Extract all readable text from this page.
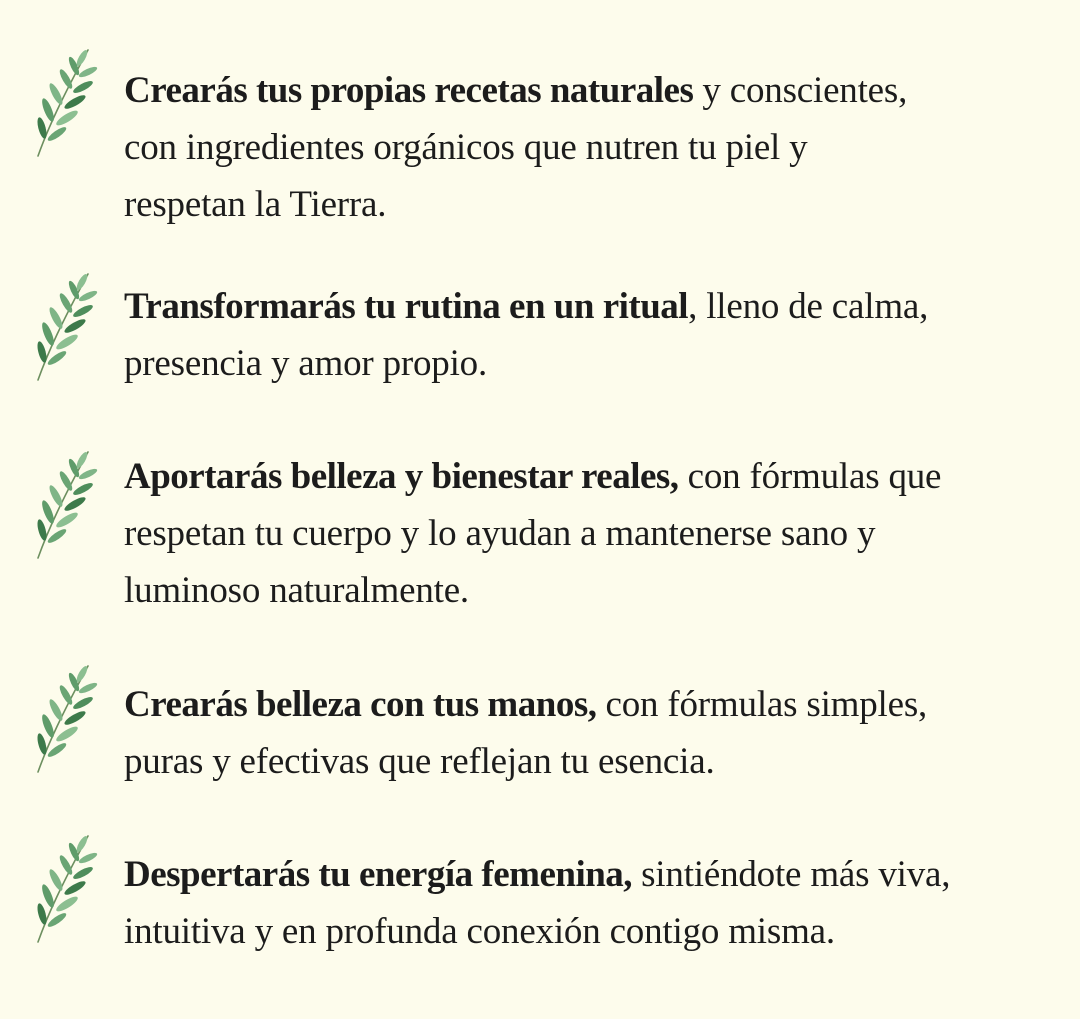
Crearás tus propias recetas naturales y conscientes,
con ingredientes orgánicos que nutren tu piel y
respetan la Tierra.

Transformarás tu rutina en un ritual, lleno de calma,
presencia y amor propio.

Aportarás belleza y bienestar reales, con fórmulas que
respetan tu cuerpo y lo ayudan a mantenerse sano y
luminoso naturalmente.

Crearás belleza con tus manos, con fórmulas simples,
puras y efectivas que reflejan tu esencia.

Despertarás tu energía femenina, sintiéndote más viva,
intuitiva y en profunda conexión contigo misma.
